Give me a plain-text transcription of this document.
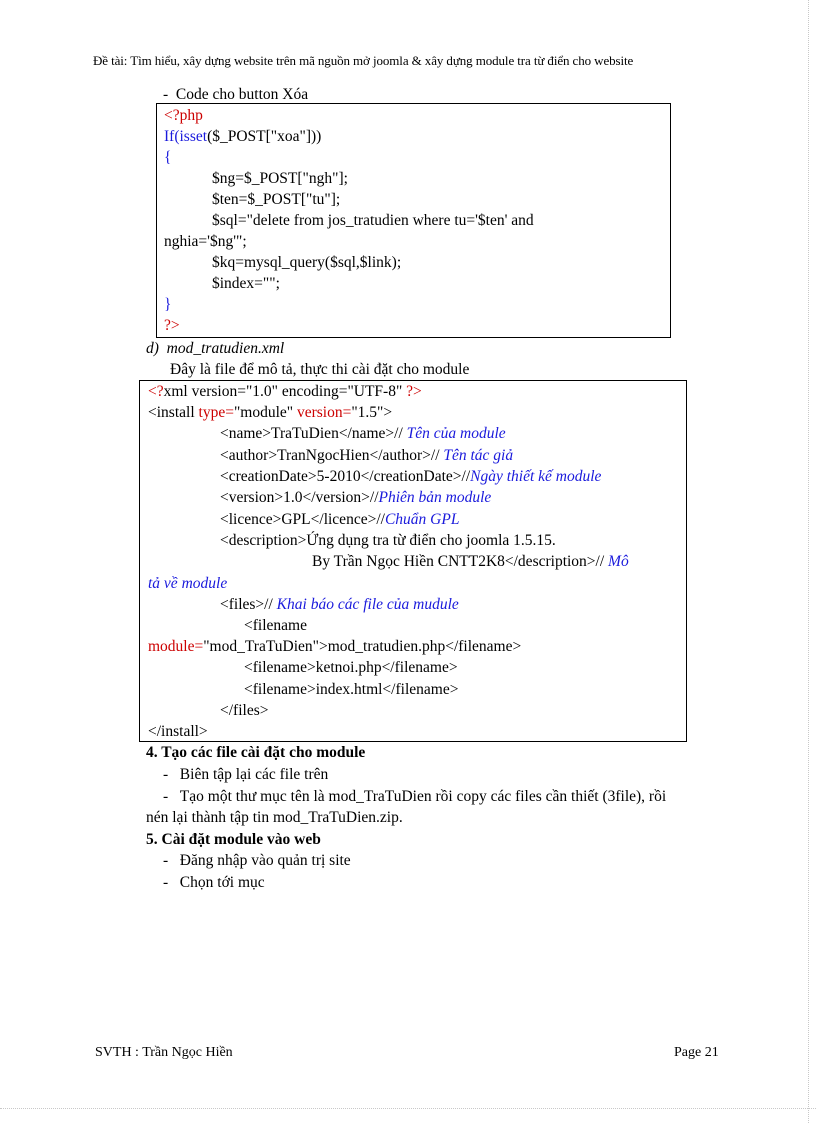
Đề tài: Tìm hiểu, xây dựng website trên mã nguồn mở joomla & xây dựng module tra từ điển cho website
- Code cho button Xóa
<?php
If(isset($_POST["xoa"]))
{
$ng=$_POST["ngh"];
$ten=$_POST["tu"];
$sql="delete from jos_tratudien where tu='$ten' and
nghia='$ng'";
$kq=mysql_query($sql,$link);
$index="";
}
?>
d) mod_tratudien.xml
Đây là file để mô tả, thực thi cài đặt cho module
<?xml version="1.0" encoding="UTF-8" ?>
<install type="module" version="1.5">
<name>TraTuDien</name>// Tên của module
<author>TranNgocHien</author>// Tên tác giả
<creationDate>5-2010</creationDate>//Ngày thiết kế module
<version>1.0</version>//Phiên bản module
<licence>GPL</licence>//Chuẩn GPL
<description>Ứng dụng tra từ điển cho joomla 1.5.15.
By Trần Ngọc Hiền CNTT2K8</description>// Mô
tả về module
<files>// Khai báo các file của mudule
<filename
module="mod_TraTuDien">mod_tratudien.php</filename>
<filename>ketnoi.php</filename>
<filename>index.html</filename>
</files>
</install>
4. Tạo các file cài đặt cho module
-   Biên tập lại các file trên
-   Tạo một thư mục tên là mod_TraTuDien rồi copy các files cần thiết (3file), rồi
nén lại thành tập tin mod_TraTuDien.zip.
5. Cài đặt module vào web
-   Đăng nhập vào quản trị site
-   Chọn tới mục
SVTH : Trần Ngọc Hiền	Page 21
